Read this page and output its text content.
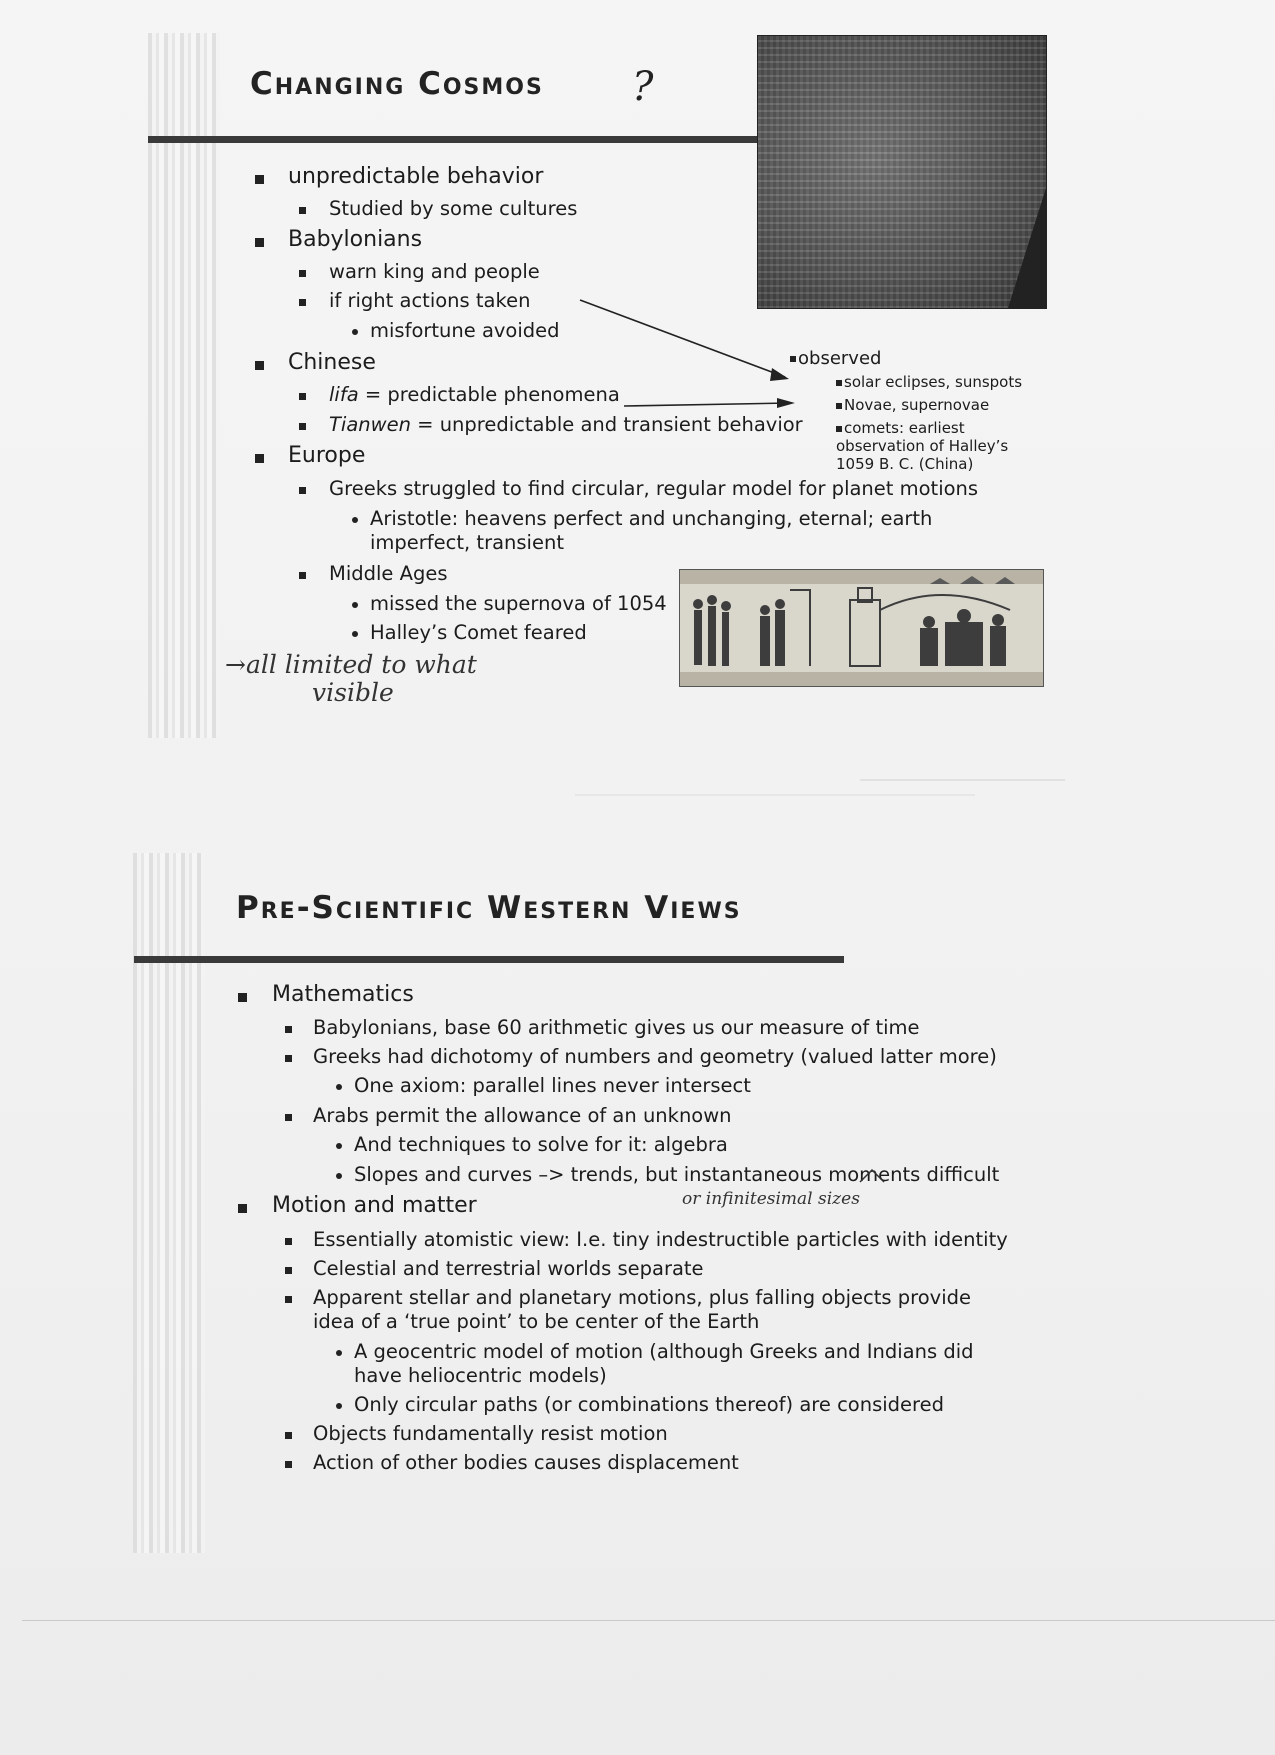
Changing Cosmos ?
unpredictable behavior
Studied by some cultures
Babylonians
warn king and people
if right actions taken
misfortune avoided
Chinese
lifa = predictable phenomena
Tianwen = unpredictable and transient behavior
Europe
Greeks struggled to find circular, regular model for planet motions
Aristotle: heavens perfect and unchanging, eternal; earth
imperfect, transient
Middle Ages
missed the supernova of 1054
Halley’s Comet feared
observed
solar eclipses, sunspots
Novae, supernovae
comets: earliest
observation of Halley’s
1059 B. C. (China)
→all limited to what
visible
Pre-Scientific Western Views
Mathematics
Babylonians, base 60 arithmetic gives us our measure of time
Greeks had dichotomy of numbers and geometry (valued latter more)
One axiom: parallel lines never intersect
Arabs permit the allowance of an unknown
And techniques to solve for it: algebra
Slopes and curves –> trends, but instantaneous moments difficult
or infinitesimal sizes
Motion and matter
Essentially atomistic view: I.e. tiny indestructible particles with identity
Celestial and terrestrial worlds separate
Apparent stellar and planetary motions, plus falling objects provide
idea of a ‘true point’ to be center of the Earth
A geocentric model of motion (although Greeks and Indians did
have heliocentric models)
Only circular paths (or combinations thereof) are considered
Objects fundamentally resist motion
Action of other bodies causes displacement
